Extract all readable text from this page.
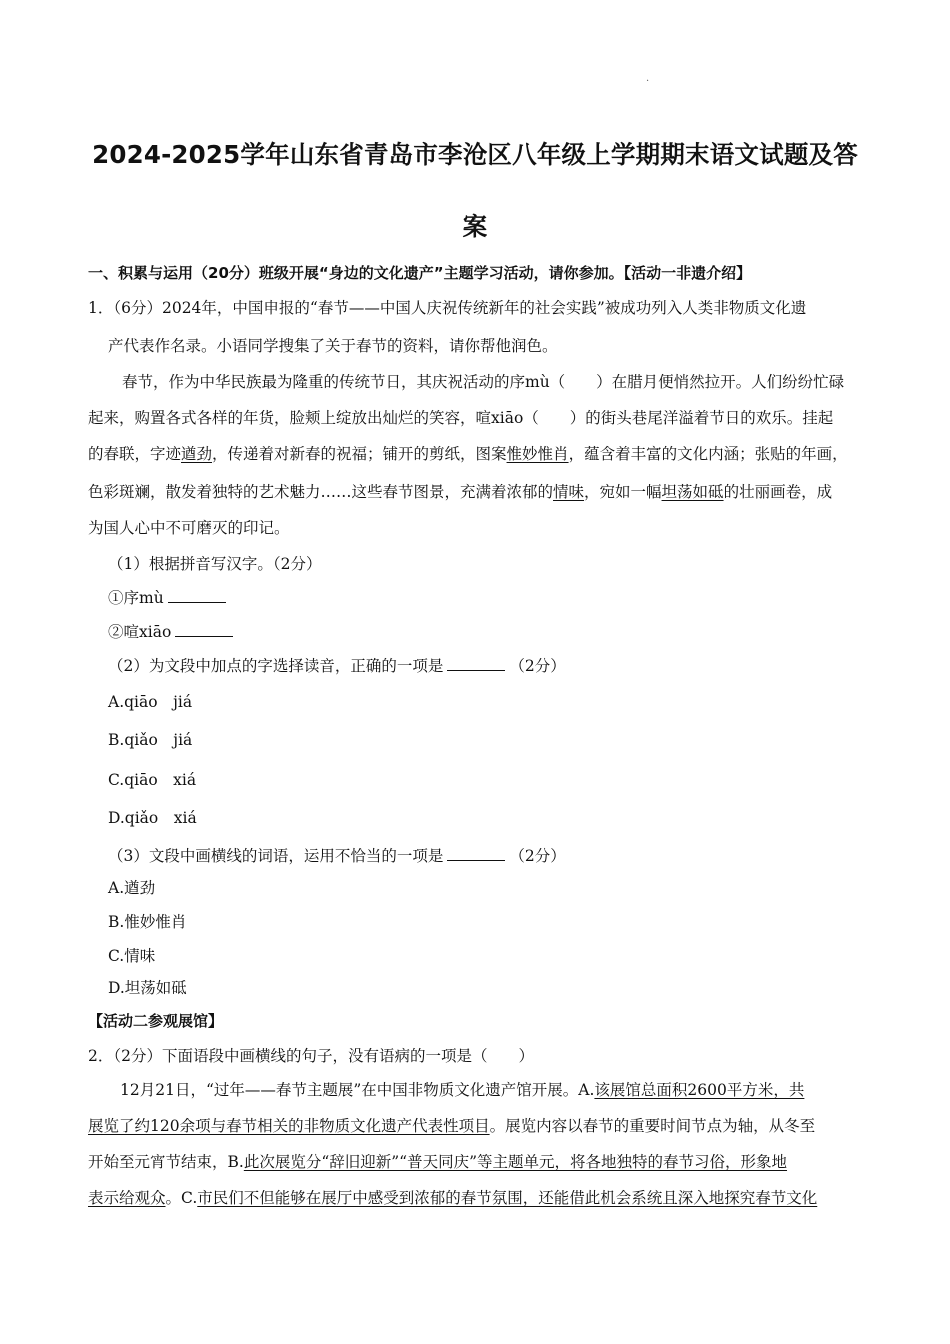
·
2024-2025学年山东省青岛市李沧区八年级上学期期末语文试题及答
案
一、积累与运用（20分）班级开展“身边的文化遗产”主题学习活动，请你参加。【活动一非遗介绍】
1．（6分）2024年，中国申报的“春节——中国人庆祝传统新年的社会实践”被成功列入人类非物质文化遗
产代表作名录。小语同学搜集了关于春节的资料，请你帮他润色。
春节，作为中华民族最为隆重的传统节日，其庆祝活动的序mù（　　）在腊月便悄然拉开。人们纷纷忙碌
起来，购置各式各样的年货，脸颊上绽放出灿烂的笑容，喧xiāo（　　）的街头巷尾洋溢着节日的欢乐。挂起
的春联，字迹遒劲，传递着对新春的祝福；铺开的剪纸，图案惟妙惟肖，蕴含着丰富的文化内涵；张贴的年画，
色彩斑斓，散发着独特的艺术魅力……这些春节图景，充满着浓郁的情味，宛如一幅坦荡如砥的壮丽画卷，成
为国人心中不可磨灭的印记。
（1）根据拼音写汉字。（2分）
①序mù
②喧xiāo
（2）为文段中加点的字选择读音，正确的一项是	（2分）
A.qiāo　jiá
B.qiǎo　jiá
C.qiāo　xiá
D.qiǎo　xiá
（3）文段中画横线的词语，运用不恰当的一项是	（2分）
A.遒劲
B.惟妙惟肖
C.情味
D.坦荡如砥
【活动二参观展馆】
2．（2分）下面语段中画横线的句子，没有语病的一项是（　　）
12月21日，“过年——春节主题展”在中国非物质文化遗产馆开展。A.该展馆总面积2600平方米，共
展览了约120余项与春节相关的非物质文化遗产代表性项目。展览内容以春节的重要时间节点为轴，从冬至
开始至元宵节结束，B.此次展览分“辞旧迎新”“普天同庆”等主题单元，将各地独特的春节习俗，形象地
表示给观众。C.市民们不但能够在展厅中感受到浓郁的春节氛围，还能借此机会系统且深入地探究春节文化
